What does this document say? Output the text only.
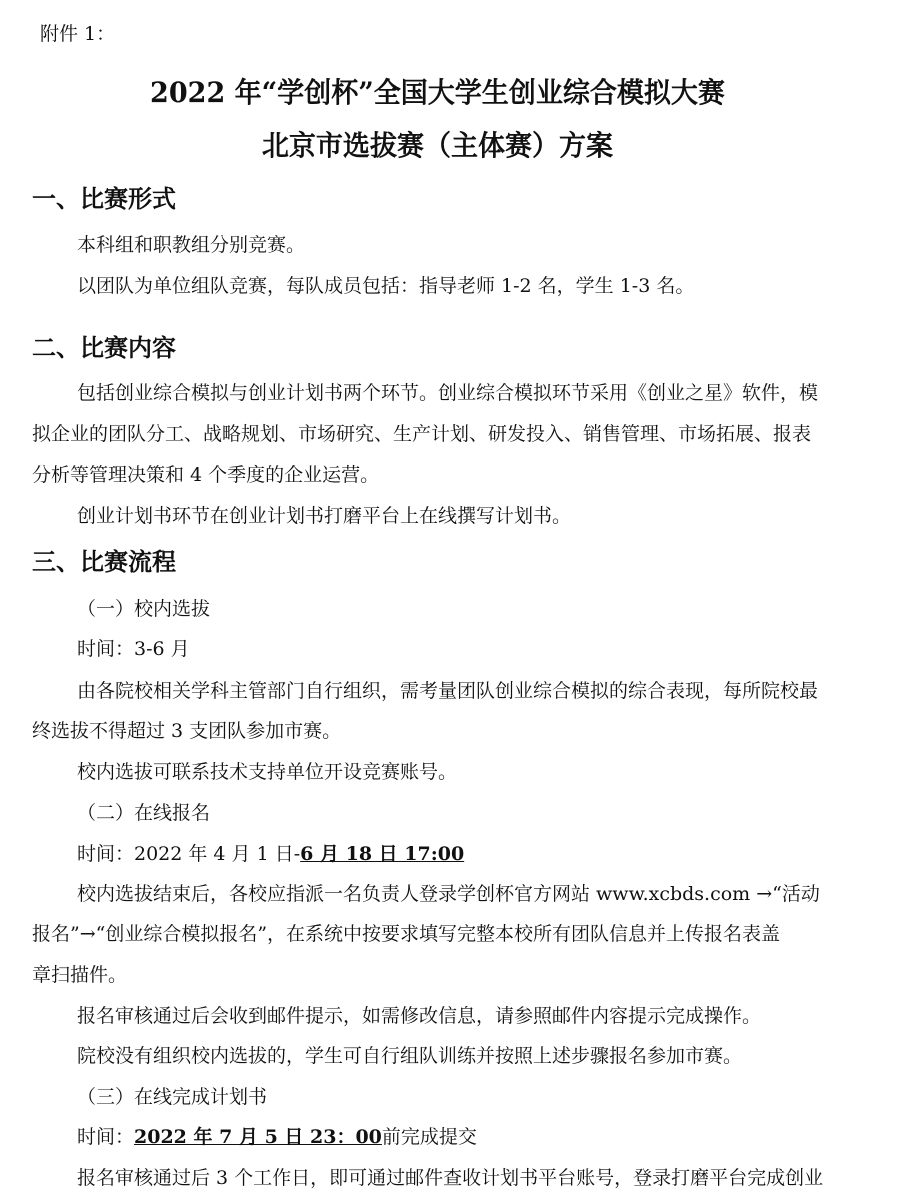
附件 1：
2022 年“学创杯”全国大学生创业综合模拟大赛
北京市选拔赛（主体赛）方案
一、比赛形式
本科组和职教组分别竞赛。
以团队为单位组队竞赛，每队成员包括：指导老师 1-2 名，学生 1-3 名。
二、比赛内容
包括创业综合模拟与创业计划书两个环节。创业综合模拟环节采用《创业之星》软件，模
拟企业的团队分工、战略规划、市场研究、生产计划、研发投入、销售管理、市场拓展、报表
分析等管理决策和 4 个季度的企业运营。
创业计划书环节在创业计划书打磨平台上在线撰写计划书。
三、比赛流程
（一）校内选拔
时间：3-6 月
由各院校相关学科主管部门自行组织，需考量团队创业综合模拟的综合表现，每所院校最
终选拔不得超过 3 支团队参加市赛。
校内选拔可联系技术支持单位开设竞赛账号。
（二）在线报名
时间：2022 年 4 月 1 日-6 月 18 日 17:00
校内选拔结束后，各校应指派一名负责人登录学创杯官方网站 www.xcbds.com →“活动
报名”→“创业综合模拟报名”，在系统中按要求填写完整本校所有团队信息并上传报名表盖
章扫描件。
报名审核通过后会收到邮件提示，如需修改信息，请参照邮件内容提示完成操作。
院校没有组织校内选拔的，学生可自行组队训练并按照上述步骤报名参加市赛。
（三）在线完成计划书
时间：2022 年 7 月 5 日 23：00前完成提交
报名审核通过后 3 个工作日，即可通过邮件查收计划书平台账号，登录打磨平台完成创业
